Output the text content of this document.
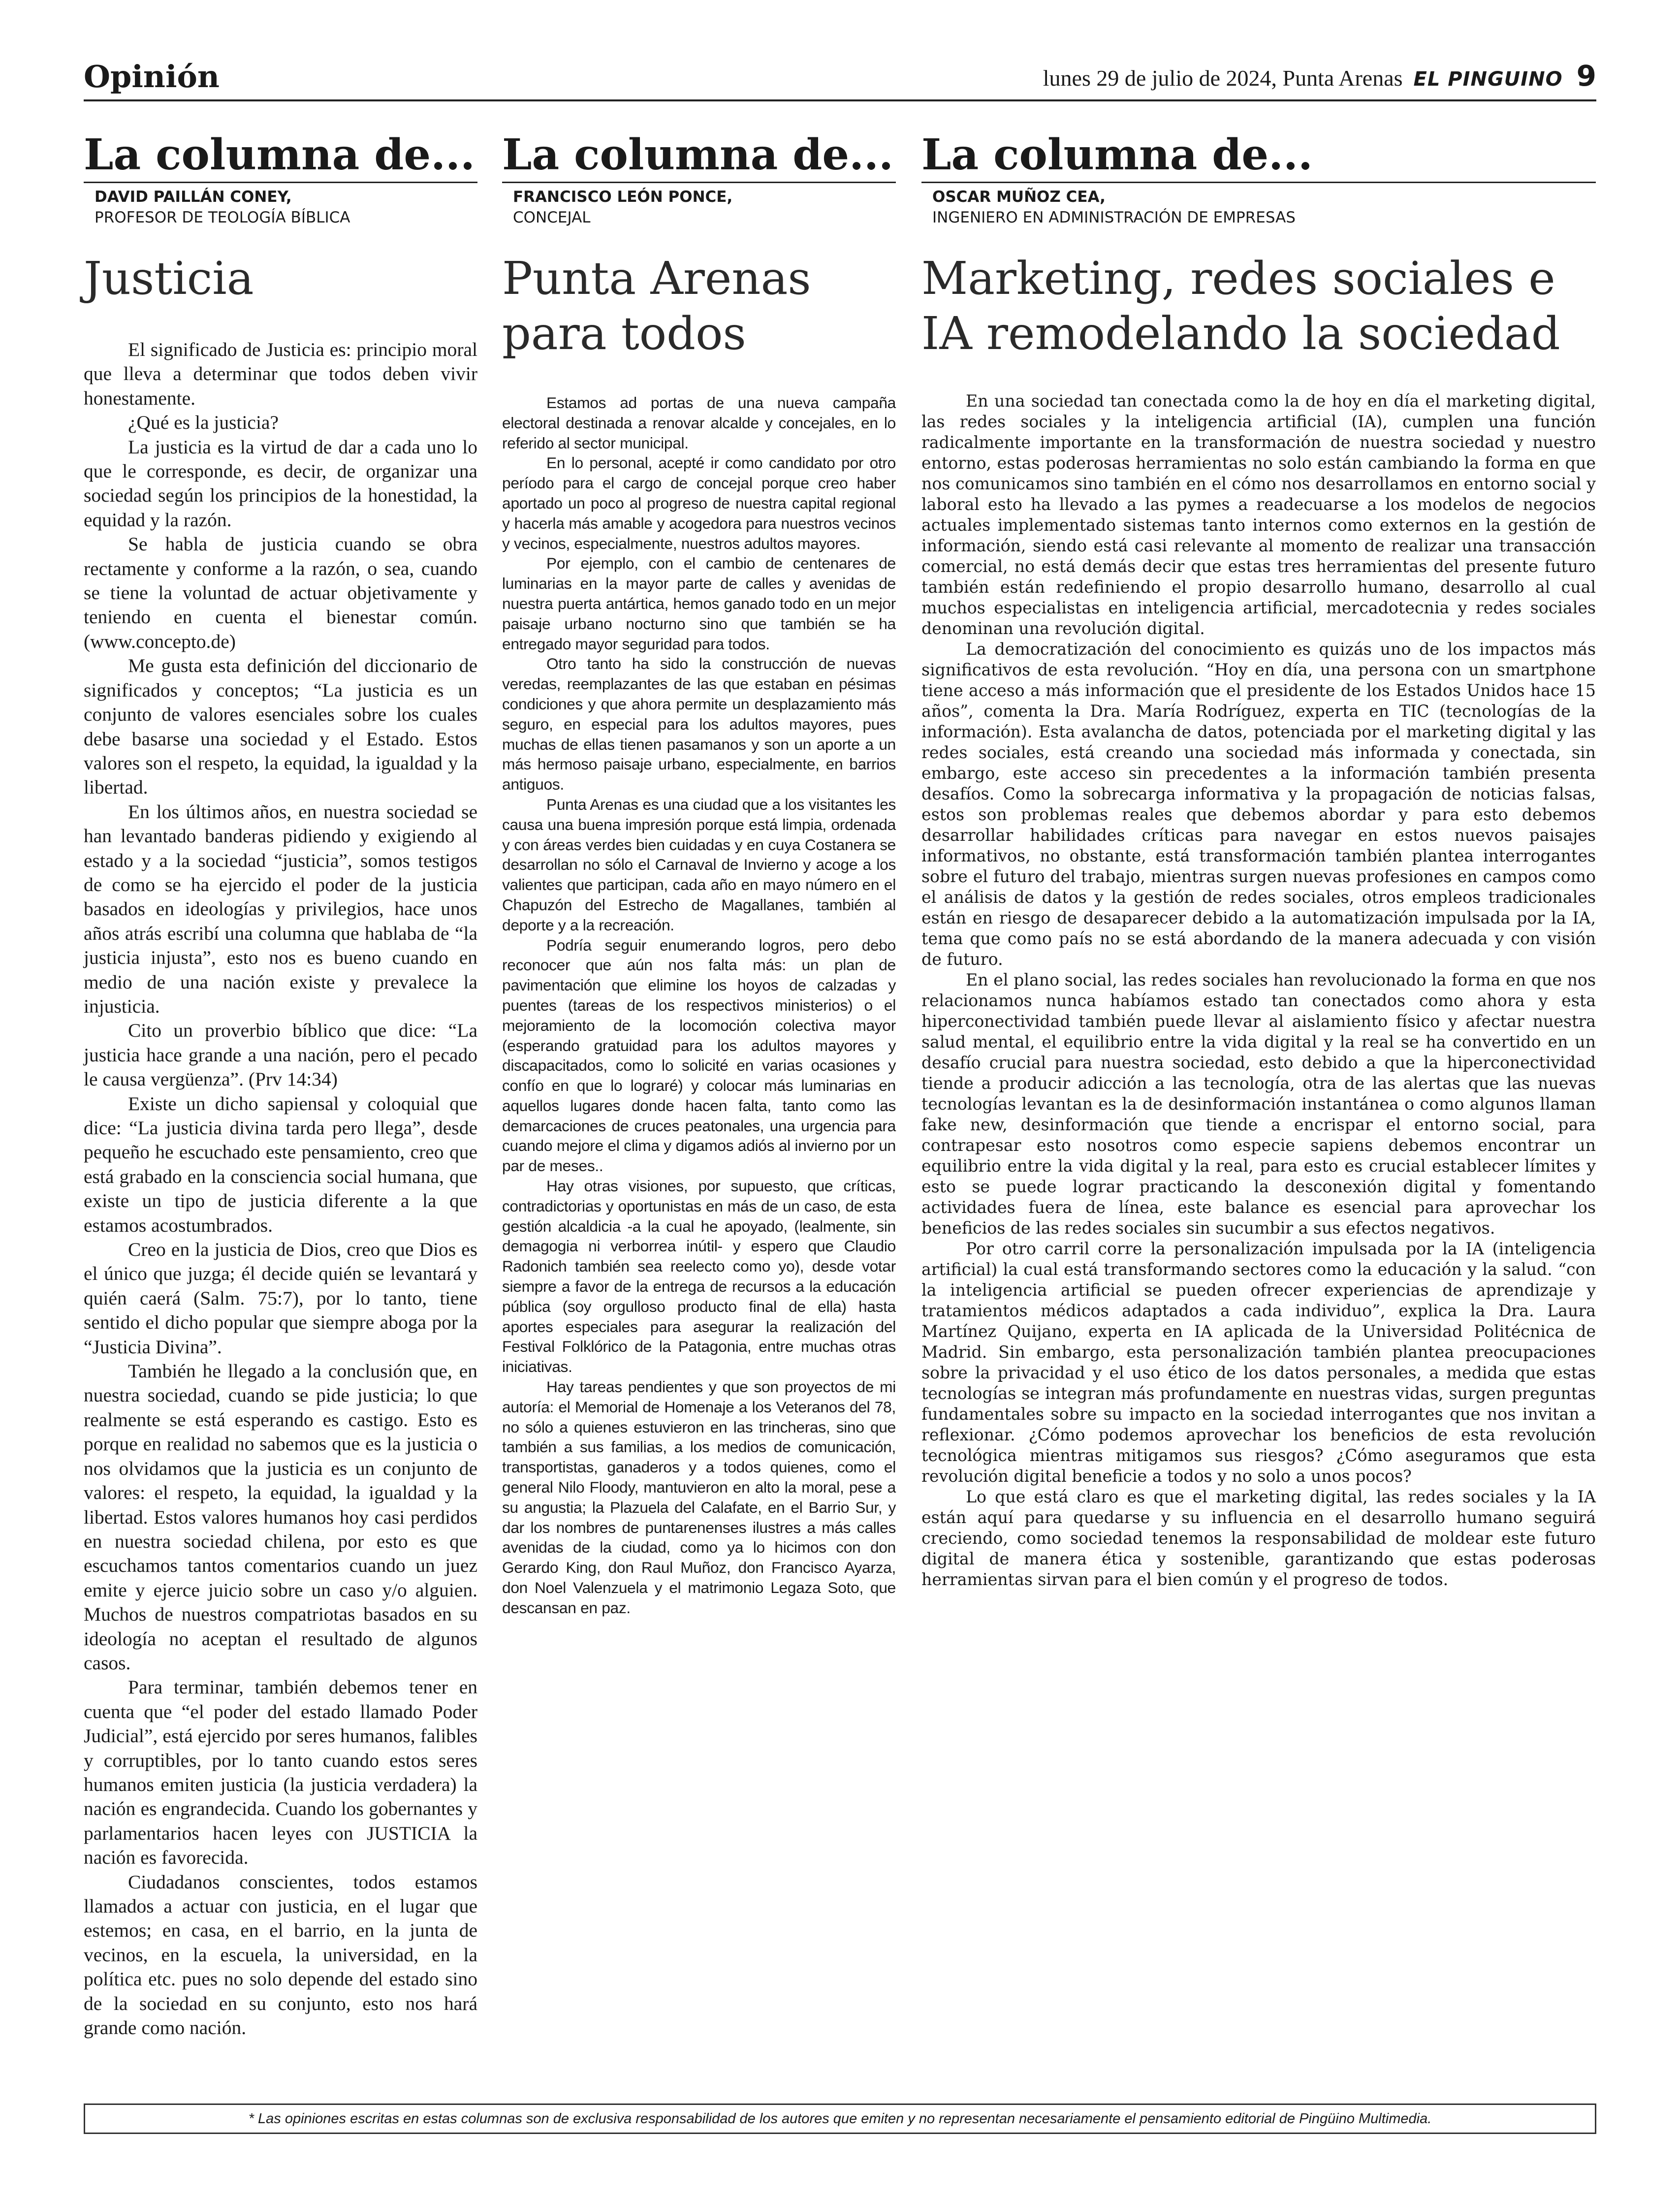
Opinión	lunes 29 de julio de 2024, Punta Arenas EL PINGUINO 9
La columna de...
DAVID PAILLÁN CONEY,
PROFESOR DE TEOLOGÍA BÍBLICA
Justicia

El significado de Justicia es: principio moral que lleva a determinar que todos deben vivir honestamente.

¿Qué es la justicia?

La justicia es la virtud de dar a cada uno lo que le corresponde, es decir, de organizar una sociedad según los principios de la honestidad, la equidad y la razón.

Se habla de justicia cuando se obra rectamente y conforme a la razón, o sea, cuando se tiene la voluntad de actuar objetivamente y teniendo en cuenta el bienestar común. (www.concepto.de)

Me gusta esta definición del diccionario de significados y conceptos; “La justicia es un conjunto de valores esenciales sobre los cuales debe basarse una sociedad y el Estado. Estos valores son el respeto, la equidad, la igualdad y la libertad.

En los últimos años, en nuestra sociedad se han levantado banderas pidiendo y exigiendo al estado y a la sociedad “justicia”, somos testigos de como se ha ejercido el poder de la justicia basados en ideologías y privilegios, hace unos años atrás escribí una columna que hablaba de “la justicia injusta”, esto nos es bueno cuando en medio de una nación existe y prevalece la injusticia.

Cito un proverbio bíblico que dice: “La justicia hace grande a una nación, pero el pecado le causa vergüenza”. (Prv 14:34)

Existe un dicho sapiensal y coloquial que dice: “La justicia divina tarda pero llega”, desde pequeño he escuchado este pensamiento, creo que está grabado en la consciencia social humana, que existe un tipo de justicia diferente a la que estamos acostumbrados.

Creo en la justicia de Dios, creo que Dios es el único que juzga; él decide quién se levantará y quién caerá (Salm. 75:7), por lo tanto, tiene sentido el dicho popular que siempre aboga por la “Justicia Divina”.

También he llegado a la conclusión que, en nuestra sociedad, cuando se pide justicia; lo que realmente se está esperando es castigo. Esto es porque en realidad no sabemos que es la justicia o nos olvidamos que la justicia es un conjunto de valores: el respeto, la equidad, la igualdad y la libertad. Estos valores humanos hoy casi perdidos en nuestra sociedad chilena, por esto es que escuchamos tantos comentarios cuando un juez emite y ejerce juicio sobre un caso y/o alguien. Muchos de nuestros compatriotas basados en su ideología no aceptan el resultado de algunos casos.

Para terminar, también debemos tener en cuenta que “el poder del estado llamado Poder Judicial”, está ejercido por seres humanos, falibles y corruptibles, por lo tanto cuando estos seres humanos emiten justicia (la justicia verdadera) la nación es engrandecida. Cuando los gobernantes y parlamentarios hacen leyes con JUSTICIA la nación es favorecida.

Ciudadanos conscientes, todos estamos llamados a actuar con justicia, en el lugar que estemos; en casa, en el barrio, en la junta de vecinos, en la escuela, la universidad, en la política etc. pues no solo depende del estado sino de la sociedad en su conjunto, esto nos hará grande como nación.

La columna de...
FRANCISCO LEÓN PONCE,
CONCEJAL
Punta Arenas para todos

Estamos ad portas de una nueva campaña electoral destinada a renovar alcalde y concejales, en lo referido al sector municipal.

En lo personal, acepté ir como candidato por otro período para el cargo de concejal porque creo haber aportado un poco al progreso de nuestra capital regional y hacerla más amable y acogedora para nuestros vecinos y vecinos, especialmente, nuestros adultos mayores.

Por ejemplo, con el cambio de centenares de luminarias en la mayor parte de calles y avenidas de nuestra puerta antártica, hemos ganado todo en un mejor paisaje urbano nocturno sino que también se ha entregado mayor seguridad para todos.

Otro tanto ha sido la construcción de nuevas veredas, reemplazantes de las que estaban en pésimas condiciones y que ahora permite un desplazamiento más seguro, en especial para los adultos mayores, pues muchas de ellas tienen pasamanos y son un aporte a un más hermoso paisaje urbano, especialmente, en barrios antiguos.

Punta Arenas es una ciudad que a los visitantes les causa una buena impresión porque está limpia, ordenada y con áreas verdes bien cuidadas y en cuya Costanera se desarrollan no sólo el Carnaval de Invierno y acoge a los valientes que participan, cada año en mayo número en el Chapuzón del Estrecho de Magallanes, también al deporte y a la recreación.

Podría seguir enumerando logros, pero debo reconocer que aún nos falta más: un plan de pavimentación que elimine los hoyos de calzadas y puentes (tareas de los respectivos ministerios) o el mejoramiento de la locomoción colectiva mayor (esperando gratuidad para los adultos mayores y discapacitados, como lo solicité en varias ocasiones y confío en que lo lograré) y colocar más luminarias en aquellos lugares donde hacen falta, tanto como las demarcaciones de cruces peatonales, una urgencia para cuando mejore el clima y digamos adiós al invierno por un par de meses..

Hay otras visiones, por supuesto, que críticas, contradictorias y oportunistas en más de un caso, de esta gestión alcaldicia -a la cual he apoyado, (lealmente, sin demagogia ni verborrea inútil- y espero que Claudio Radonich también sea reelecto como yo), desde votar siempre a favor de la entrega de recursos a la educación pública (soy orgulloso producto final de ella) hasta aportes especiales para asegurar la realización del Festival Folklórico de la Patagonia, entre muchas otras iniciativas.

Hay tareas pendientes y que son proyectos de mi autoría: el Memorial de Homenaje a los Veteranos del 78, no sólo a quienes estuvieron en las trincheras, sino que también a sus familias, a los medios de comunicación, transportistas, ganaderos y a todos quienes, como el general Nilo Floody, mantuvieron en alto la moral, pese a su angustia; la Plazuela del Calafate, en el Barrio Sur, y dar los nombres de puntarenenses ilustres a más calles avenidas de la ciudad, como ya lo hicimos con don Gerardo King, don Raul Muñoz, don Francisco Ayarza, don Noel Valenzuela y el matrimonio Legaza Soto, que descansan en paz.

La columna de...
OSCAR MUÑOZ CEA,
INGENIERO EN ADMINISTRACIÓN DE EMPRESAS
Marketing, redes sociales e IA remodelando la sociedad

En una sociedad tan conectada como la de hoy en día el marketing digital, las redes sociales y la inteligencia artificial (IA), cumplen una función radicalmente importante en la transformación de nuestra sociedad y nuestro entorno, estas poderosas herramientas no solo están cambiando la forma en que nos comunicamos sino también en el cómo nos desarrollamos en entorno social y laboral esto ha llevado a las pymes a readecuarse a los modelos de negocios actuales implementado sistemas tanto internos como externos en la gestión de información, siendo está casi relevante al momento de realizar una transacción comercial, no está demás decir que estas tres herramientas del presente futuro también están redefiniendo el propio desarrollo humano, desarrollo al cual muchos especialistas en inteligencia artificial, mercadotecnia y redes sociales denominan una revolución digital.

La democratización del conocimiento es quizás uno de los impactos más significativos de esta revolución. “Hoy en día, una persona con un smartphone tiene acceso a más información que el presidente de los Estados Unidos hace 15 años”, comenta la Dra. María Rodríguez, experta en TIC (tecnologías de la información). Esta avalancha de datos, potenciada por el marketing digital y las redes sociales, está creando una sociedad más informada y conectada, sin embargo, este acceso sin precedentes a la información también presenta desafíos. Como la sobrecarga informativa y la propagación de noticias falsas, estos son problemas reales que debemos abordar y para esto debemos desarrollar habilidades críticas para navegar en estos nuevos paisajes informativos, no obstante, está transformación también plantea interrogantes sobre el futuro del trabajo, mientras surgen nuevas profesiones en campos como el análisis de datos y la gestión de redes sociales, otros empleos tradicionales están en riesgo de desaparecer debido a la automatización impulsada por la IA, tema que como país no se está abordando de la manera adecuada y con visión de futuro.

En el plano social, las redes sociales han revolucionado la forma en que nos relacionamos nunca habíamos estado tan conectados como ahora y esta hiperconectividad también puede llevar al aislamiento físico y afectar nuestra salud mental, el equilibrio entre la vida digital y la real se ha convertido en un desafío crucial para nuestra sociedad, esto debido a que la hiperconectividad tiende a producir adicción a las tecnología, otra de las alertas que las nuevas tecnologías levantan es la de desinformación instantánea o como algunos llaman fake new, desinformación que tiende a encrispar el entorno social, para contrapesar esto nosotros como especie sapiens debemos encontrar un equilibrio entre la vida digital y la real, para esto es crucial establecer límites y esto se puede lograr practicando la desconexión digital y fomentando actividades fuera de línea, este balance es esencial para aprovechar los beneficios de las redes sociales sin sucumbir a sus efectos negativos.

Por otro carril corre la personalización impulsada por la IA (inteligencia artificial) la cual está transformando sectores como la educación y la salud. “con la inteligencia artificial se pueden ofrecer experiencias de aprendizaje y tratamientos médicos adaptados a cada individuo”, explica la Dra. Laura Martínez Quijano, experta en IA aplicada de la Universidad Politécnica de Madrid. Sin embargo, esta personalización también plantea preocupaciones sobre la privacidad y el uso ético de los datos personales, a medida que estas tecnologías se integran más profundamente en nuestras vidas, surgen preguntas fundamentales sobre su impacto en la sociedad interrogantes que nos invitan a reflexionar. ¿Cómo podemos aprovechar los beneficios de esta revolución tecnológica mientras mitigamos sus riesgos? ¿Cómo aseguramos que esta revolución digital beneficie a todos y no solo a unos pocos?

Lo que está claro es que el marketing digital, las redes sociales y la IA están aquí para quedarse y su influencia en el desarrollo humano seguirá creciendo, como sociedad tenemos la responsabilidad de moldear este futuro digital de manera ética y sostenible, garantizando que estas poderosas herramientas sirvan para el bien común y el progreso de todos.

* Las opiniones escritas en estas columnas son de exclusiva responsabilidad de los autores que emiten y no representan necesariamente el pensamiento editorial de Pingüino Multimedia.
